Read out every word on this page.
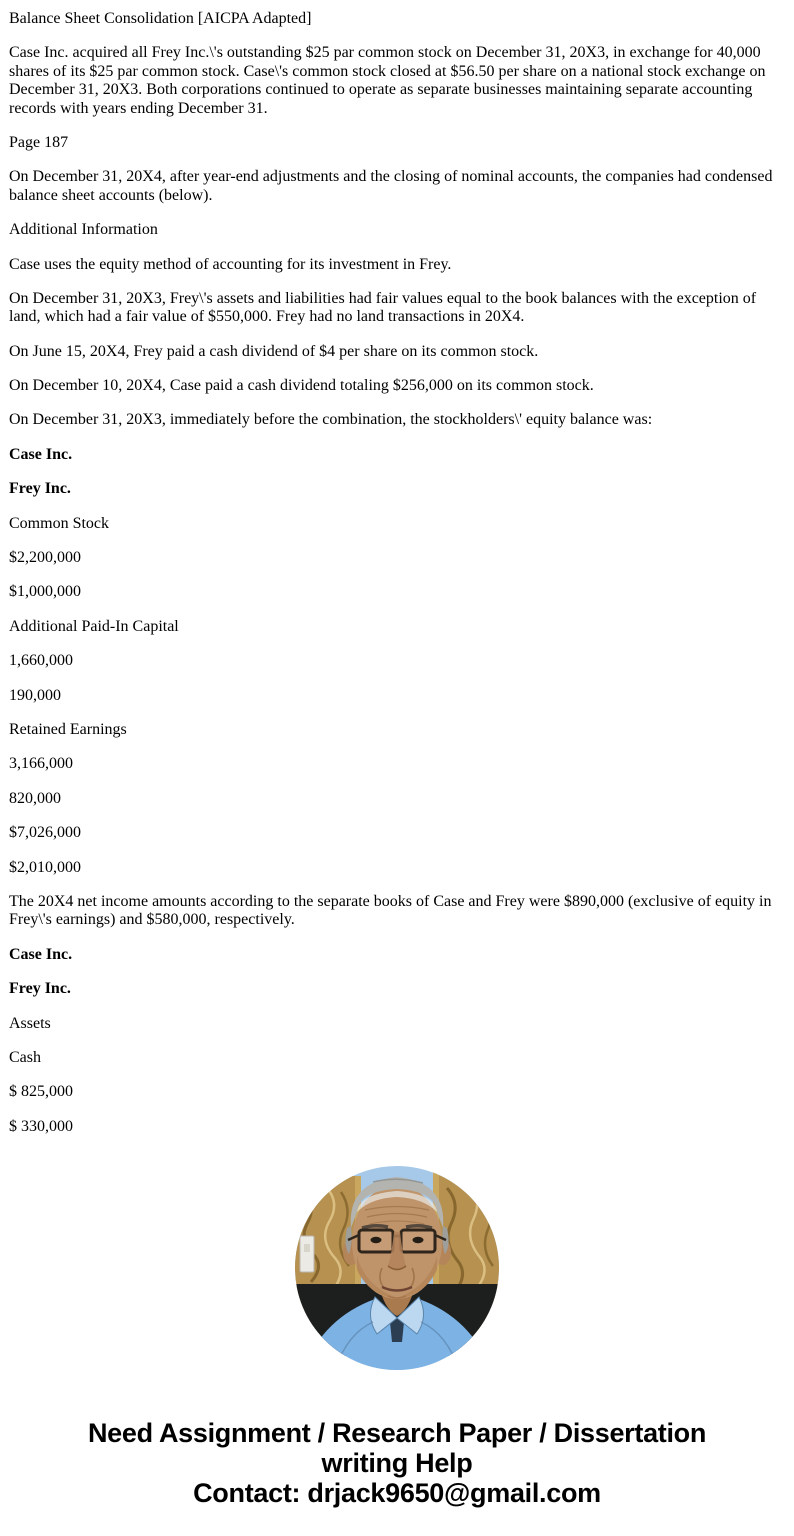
Balance Sheet Consolidation [AICPA Adapted]

Case Inc. acquired all Frey Inc.\'s outstanding $25 par common stock on December 31, 20X3, in exchange for 40,000 shares of its $25 par common stock. Case\'s common stock closed at $56.50 per share on a national stock exchange on December 31, 20X3. Both corporations continued to operate as separate businesses maintaining separate accounting records with years ending December 31.

Page 187

On December 31, 20X4, after year-end adjustments and the closing of nominal accounts, the companies had condensed balance sheet accounts (below).

Additional Information

Case uses the equity method of accounting for its investment in Frey.

On December 31, 20X3, Frey\'s assets and liabilities had fair values equal to the book balances with the exception of land, which had a fair value of $550,000. Frey had no land transactions in 20X4.

On June 15, 20X4, Frey paid a cash dividend of $4 per share on its common stock.

On December 10, 20X4, Case paid a cash dividend totaling $256,000 on its common stock.

On December 31, 20X3, immediately before the combination, the stockholders\' equity balance was:

Case Inc.

Frey Inc.

Common Stock

$2,200,000

$1,000,000

Additional Paid-In Capital

1,660,000

190,000

Retained Earnings

3,166,000

820,000

$7,026,000

$2,010,000

The 20X4 net income amounts according to the separate books of Case and Frey were $890,000 (exclusive of equity in Frey\'s earnings) and $580,000, respectively.

Case Inc.

Frey Inc.

Assets

Cash

$ 825,000

$ 330,000

Need Assignment / Research Paper / Dissertation
writing Help
Contact: drjack9650@gmail.com
